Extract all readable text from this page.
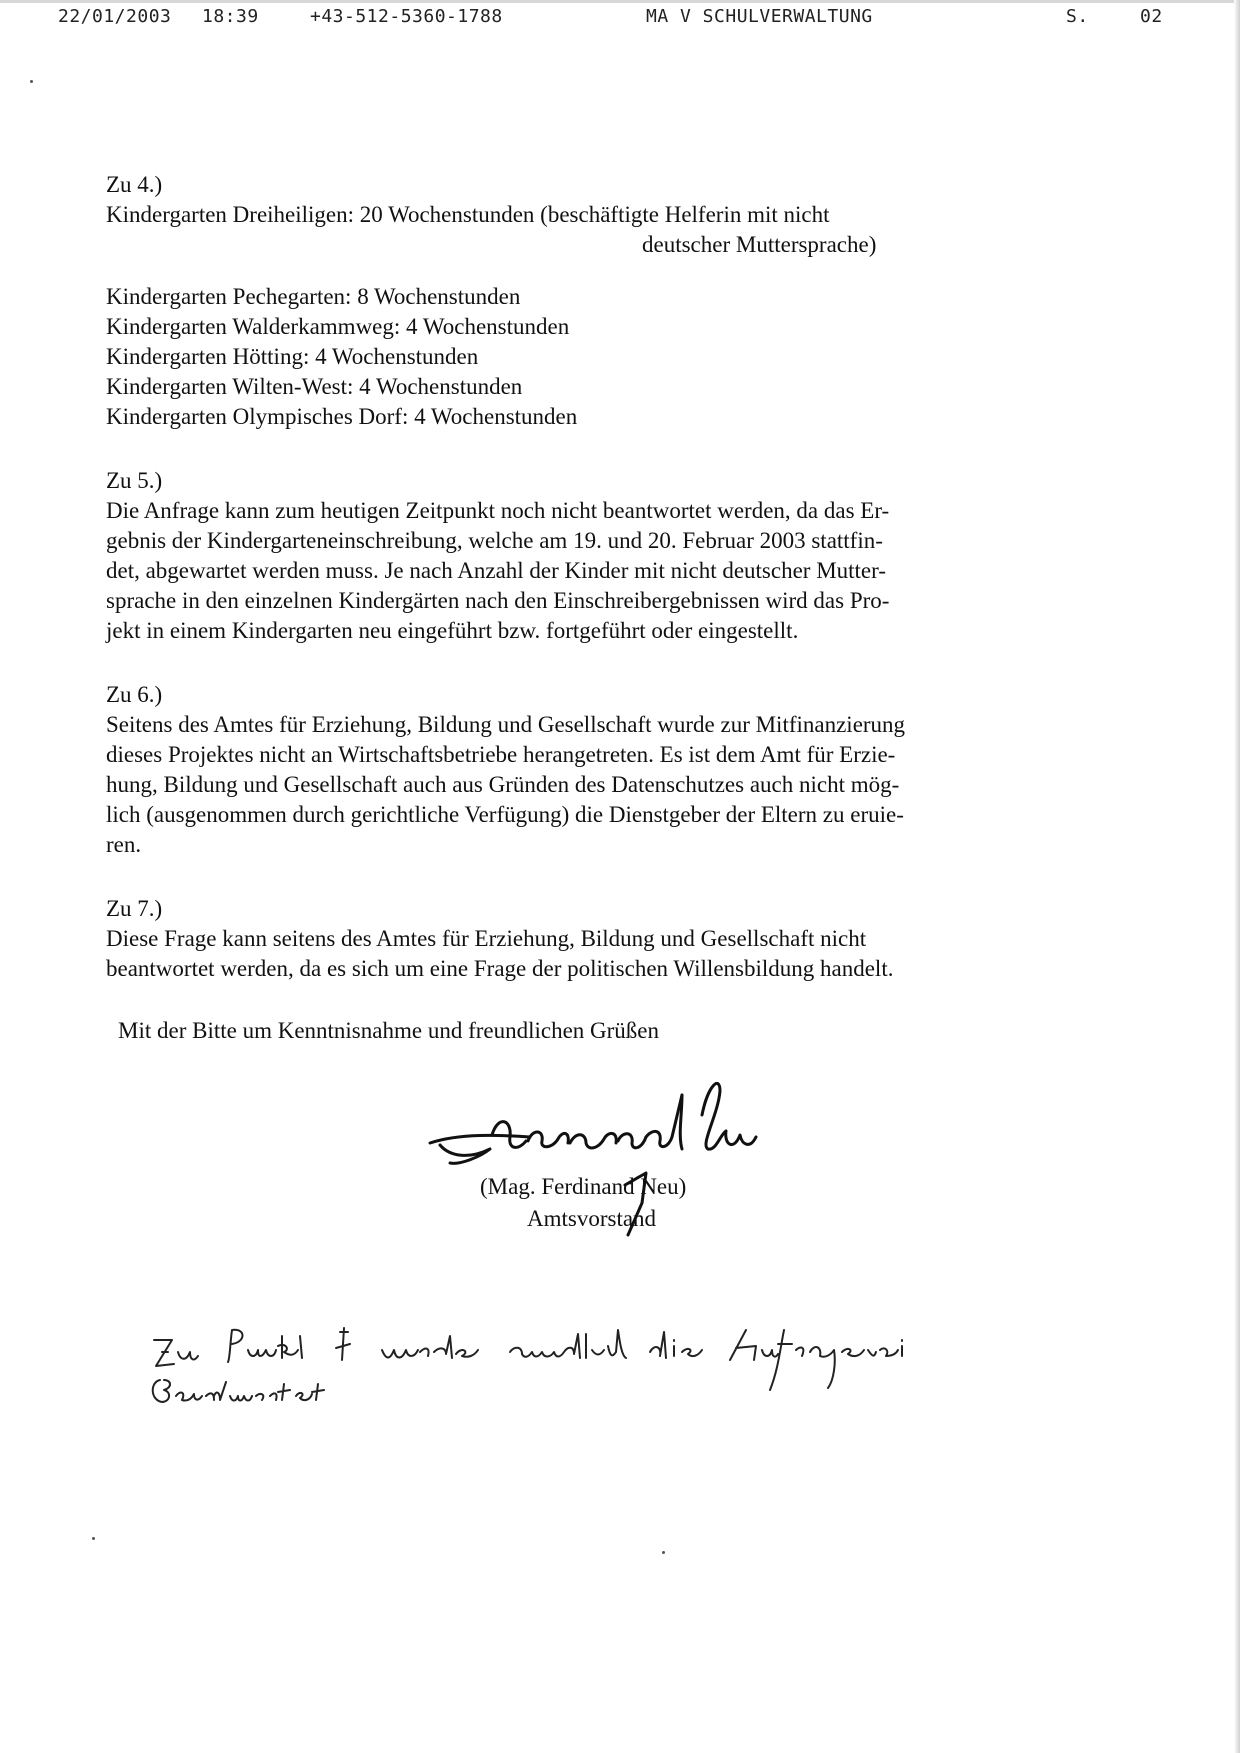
22/01/2003 18:39	+43-512-5360-1788	MA V SCHULVERWALTUNG	S.	02
Zu 4.)
Kindergarten Dreiheiligen: 20 Wochenstunden (beschäftigte Helferin mit nicht
deutscher Muttersprache)
Kindergarten Pechegarten: 8 Wochenstunden
Kindergarten Walderkammweg: 4 Wochenstunden
Kindergarten Hötting: 4 Wochenstunden
Kindergarten Wilten-West: 4 Wochenstunden
Kindergarten Olympisches Dorf: 4 Wochenstunden
Zu 5.)
Die Anfrage kann zum heutigen Zeitpunkt noch nicht beantwortet werden, da das Er-
gebnis der Kindergarteneinschreibung, welche am 19. und 20. Februar 2003 stattfin-
det, abgewartet werden muss. Je nach Anzahl der Kinder mit nicht deutscher Mutter-
sprache in den einzelnen Kindergärten nach den Einschreibergebnissen wird das Pro-
jekt in einem Kindergarten neu eingeführt bzw. fortgeführt oder eingestellt.
Zu 6.)
Seitens des Amtes für Erziehung, Bildung und Gesellschaft wurde zur Mitfinanzierung
dieses Projektes nicht an Wirtschaftsbetriebe herangetreten. Es ist dem Amt für Erzie-
hung, Bildung und Gesellschaft auch aus Gründen des Datenschutzes auch nicht mög-
lich (ausgenommen durch gerichtliche Verfügung) die Dienstgeber der Eltern zu eruie-
ren.
Zu 7.)
Diese Frage kann seitens des Amtes für Erziehung, Bildung und Gesellschaft nicht
beantwortet werden, da es sich um eine Frage der politischen Willensbildung handelt.
Mit der Bitte um Kenntnisnahme und freundlichen Grüßen
(Mag. Ferdinand Neu)
Amtsvorstand
